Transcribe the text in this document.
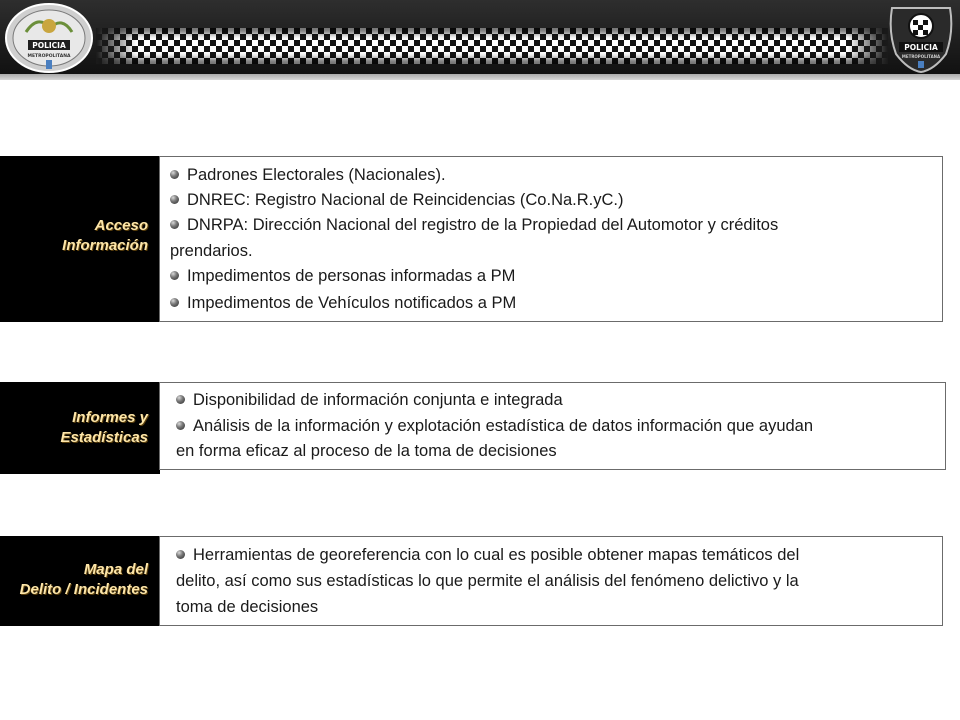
POLICIA
METROPOLITANA
POLICIA
METROPOLITANA
Acceso
Información
Padrones Electorales (Nacionales).
DNREC: Registro Nacional de Reincidencias (Co.Na.R.yC.)
DNRPA: Dirección Nacional del registro de la Propiedad del Automotor y créditos
prendarios.
Impedimentos de personas informadas a PM
Impedimentos de Vehículos notificados a PM
Informes y
Estadísticas
Disponibilidad de información conjunta e integrada
Análisis de la información y explotación estadística de datos información que ayudan
en forma eficaz al proceso de la toma de decisiones
Mapa del
Delito / Incidentes
Herramientas de georeferencia con lo cual es posible obtener mapas temáticos del
delito, así como sus estadísticas lo que permite el análisis del fenómeno delictivo y la
toma de decisiones
